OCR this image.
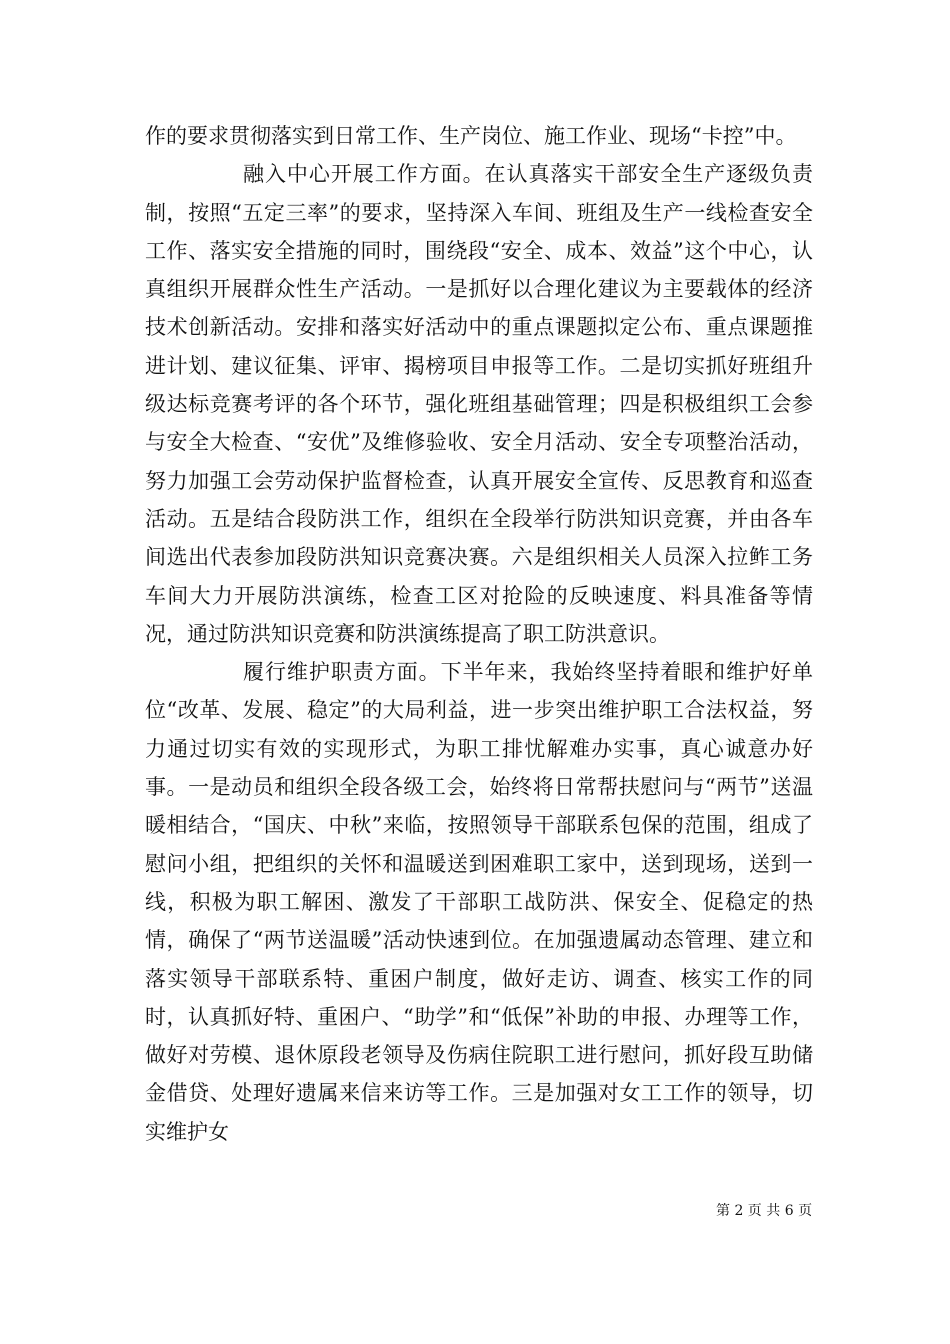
作的要求贯彻落实到日常工作、生产岗位、施工作业、现场“卡控”中。

融入中心开展工作方面。在认真落实干部安全生产逐级负责制，按照“五定三率”的要求，坚持深入车间、班组及生产一线检查安全工作、落实安全措施的同时，围绕段“安全、成本、效益”这个中心，认真组织开展群众性生产活动。一是抓好以合理化建议为主要载体的经济技术创新活动。安排和落实好活动中的重点课题拟定公布、重点课题推进计划、建议征集、评审、揭榜项目申报等工作。二是切实抓好班组升级达标竞赛考评的各个环节，强化班组基础管理；四是积极组织工会参与安全大检查、“安优”及维修验收、安全月活动、安全专项整治活动，努力加强工会劳动保护监督检查，认真开展安全宣传、反思教育和巡查活动。五是结合段防洪工作，组织在全段举行防洪知识竞赛，并由各车间选出代表参加段防洪知识竞赛决赛。六是组织相关人员深入拉鲊工务车间大力开展防洪演练，检查工区对抢险的反映速度、料具准备等情况，通过防洪知识竞赛和防洪演练提高了职工防洪意识。

履行维护职责方面。下半年来，我始终坚持着眼和维护好单位“改革、发展、稳定”的大局利益，进一步突出维护职工合法权益，努力通过切实有效的实现形式，为职工排忧解难办实事，真心诚意办好事。一是动员和组织全段各级工会，始终将日常帮扶慰问与“两节”送温暖相结合，“国庆、中秋”来临，按照领导干部联系包保的范围，组成了慰问小组，把组织的关怀和温暖送到困难职工家中，送到现场，送到一线，积极为职工解困、激发了干部职工战防洪、保安全、促稳定的热情，确保了“两节送温暖”活动快速到位。在加强遗属动态管理、建立和落实领导干部联系特、重困户制度，做好走访、调查、核实工作的同时，认真抓好特、重困户、“助学”和“低保”补助的申报、办理等工作，做好对劳模、退休原段老领导及伤病住院职工进行慰问，抓好段互助储金借贷、处理好遗属来信来访等工作。三是加强对女工工作的领导，切实维护女

第 2 页 共 6 页
